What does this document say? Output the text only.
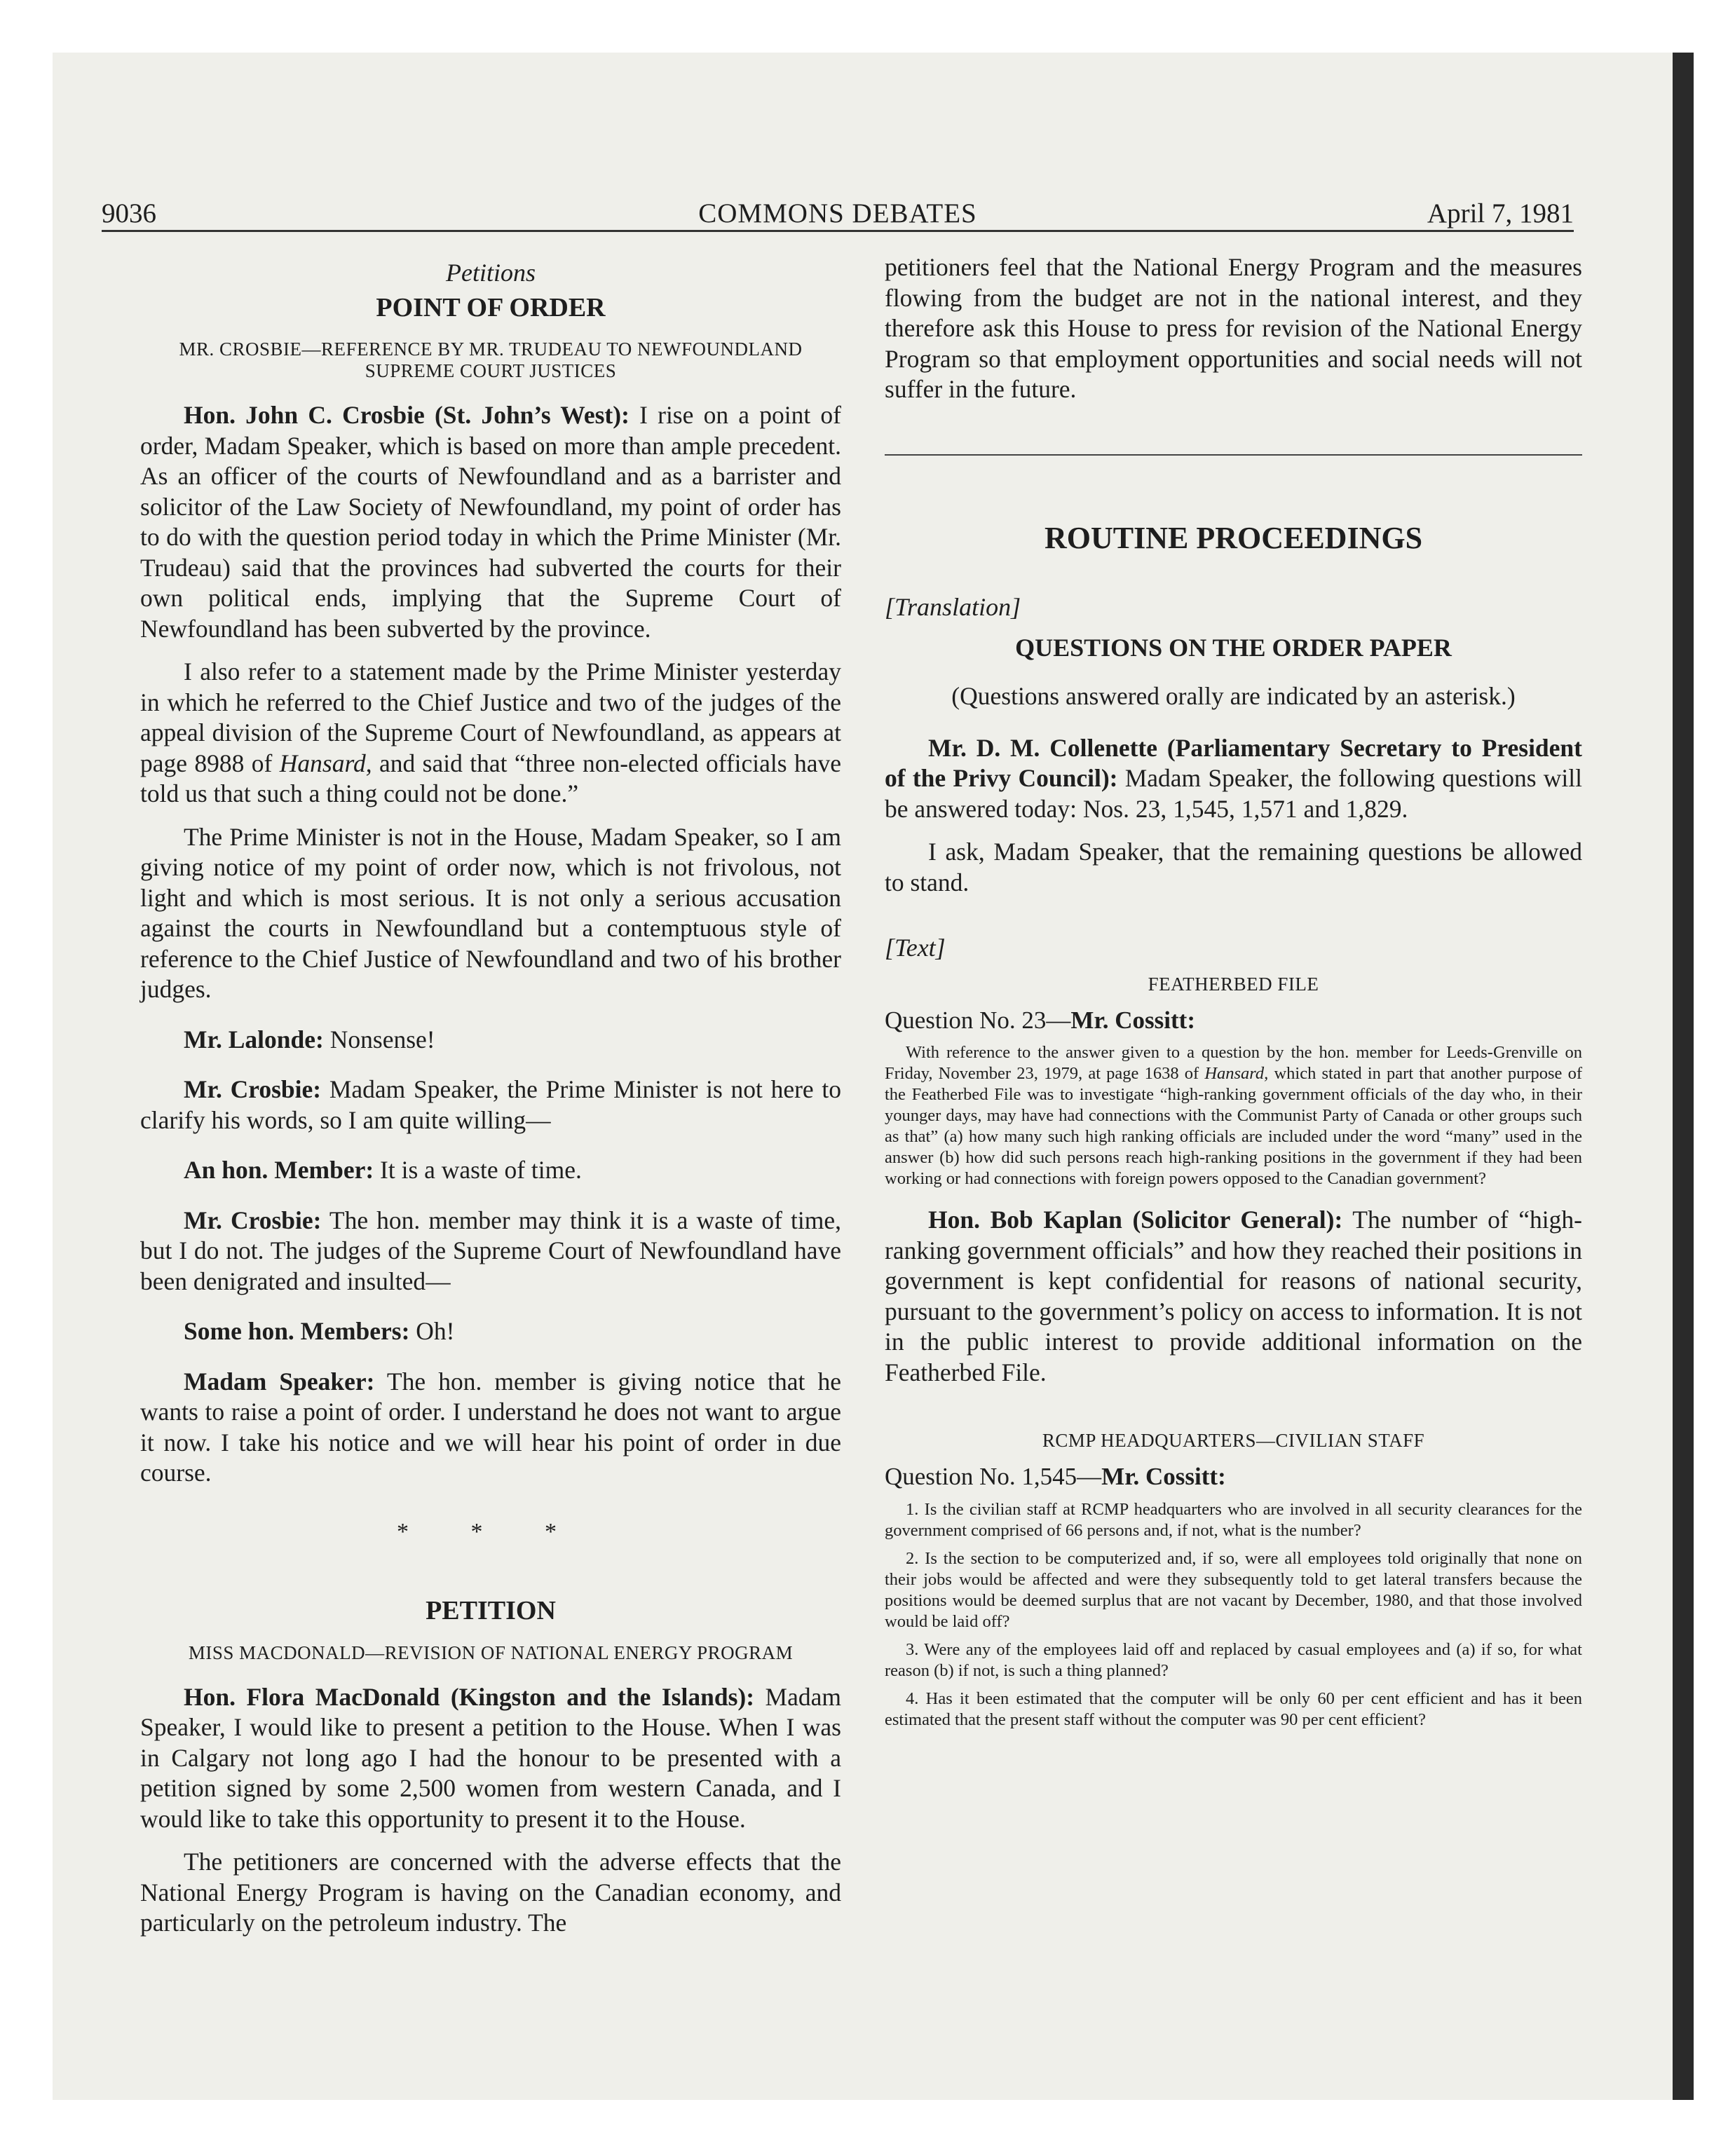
9036	COMMONS DEBATES	April 7, 1981
Petitions
POINT OF ORDER
MR. CROSBIE—REFERENCE BY MR. TRUDEAU TO NEWFOUNDLAND SUPREME COURT JUSTICES

Hon. John C. Crosbie (St. John’s West): I rise on a point of order, Madam Speaker, which is based on more than ample precedent. As an officer of the courts of Newfoundland and as a barrister and solicitor of the Law Society of Newfoundland, my point of order has to do with the question period today in which the Prime Minister (Mr. Trudeau) said that the provinces had subverted the courts for their own political ends, implying that the Supreme Court of Newfoundland has been subverted by the province.

I also refer to a statement made by the Prime Minister yesterday in which he referred to the Chief Justice and two of the judges of the appeal division of the Supreme Court of Newfoundland, as appears at page 8988 of Hansard, and said that “three non-elected officials have told us that such a thing could not be done.”

The Prime Minister is not in the House, Madam Speaker, so I am giving notice of my point of order now, which is not frivolous, not light and which is most serious. It is not only a serious accusation against the courts in Newfoundland but a contemptuous style of reference to the Chief Justice of Newfoundland and two of his brother judges.

Mr. Lalonde: Nonsense!

Mr. Crosbie: Madam Speaker, the Prime Minister is not here to clarify his words, so I am quite willing—

An hon. Member: It is a waste of time.

Mr. Crosbie: The hon. member may think it is a waste of time, but I do not. The judges of the Supreme Court of Newfoundland have been denigrated and insulted—

Some hon. Members: Oh!

Madam Speaker: The hon. member is giving notice that he wants to raise a point of order. I understand he does not want to argue it now. I take his notice and we will hear his point of order in due course.

* * *
PETITION
MISS MACDONALD—REVISION OF NATIONAL ENERGY PROGRAM

Hon. Flora MacDonald (Kingston and the Islands): Madam Speaker, I would like to present a petition to the House. When I was in Calgary not long ago I had the honour to be presented with a petition signed by some 2,500 women from western Canada, and I would like to take this opportunity to present it to the House.

The petitioners are concerned with the adverse effects that the National Energy Program is having on the Canadian economy, and particularly on the petroleum industry. The

petitioners feel that the National Energy Program and the measures flowing from the budget are not in the national interest, and they therefore ask this House to press for revision of the National Energy Program so that employment opportunities and social needs will not suffer in the future.

ROUTINE PROCEEDINGS
[Translation]
QUESTIONS ON THE ORDER PAPER

(Questions answered orally are indicated by an asterisk.)

Mr. D. M. Collenette (Parliamentary Secretary to President of the Privy Council): Madam Speaker, the following questions will be answered today: Nos. 23, 1,545, 1,571 and 1,829.

I ask, Madam Speaker, that the remaining questions be allowed to stand.

[Text]
FEATHERBED FILE
Question No. 23—Mr. Cossitt:

With reference to the answer given to a question by the hon. member for Leeds-Grenville on Friday, November 23, 1979, at page 1638 of Hansard, which stated in part that another purpose of the Featherbed File was to investigate “high-ranking government officials of the day who, in their younger days, may have had connections with the Communist Party of Canada or other groups such as that” (a) how many such high ranking officials are included under the word “many” used in the answer (b) how did such persons reach high-ranking positions in the government if they had been working or had connections with foreign powers opposed to the Canadian government?

Hon. Bob Kaplan (Solicitor General): The number of “high-ranking government officials” and how they reached their positions in government is kept confidential for reasons of national security, pursuant to the government’s policy on access to information. It is not in the public interest to provide additional information on the Featherbed File.

RCMP HEADQUARTERS—CIVILIAN STAFF
Question No. 1,545—Mr. Cossitt:

1. Is the civilian staff at RCMP headquarters who are involved in all security clearances for the government comprised of 66 persons and, if not, what is the number?

2. Is the section to be computerized and, if so, were all employees told originally that none on their jobs would be affected and were they subsequently told to get lateral transfers because the positions would be deemed surplus that are not vacant by December, 1980, and that those involved would be laid off?

3. Were any of the employees laid off and replaced by casual employees and (a) if so, for what reason (b) if not, is such a thing planned?

4. Has it been estimated that the computer will be only 60 per cent efficient and has it been estimated that the present staff without the computer was 90 per cent efficient?
